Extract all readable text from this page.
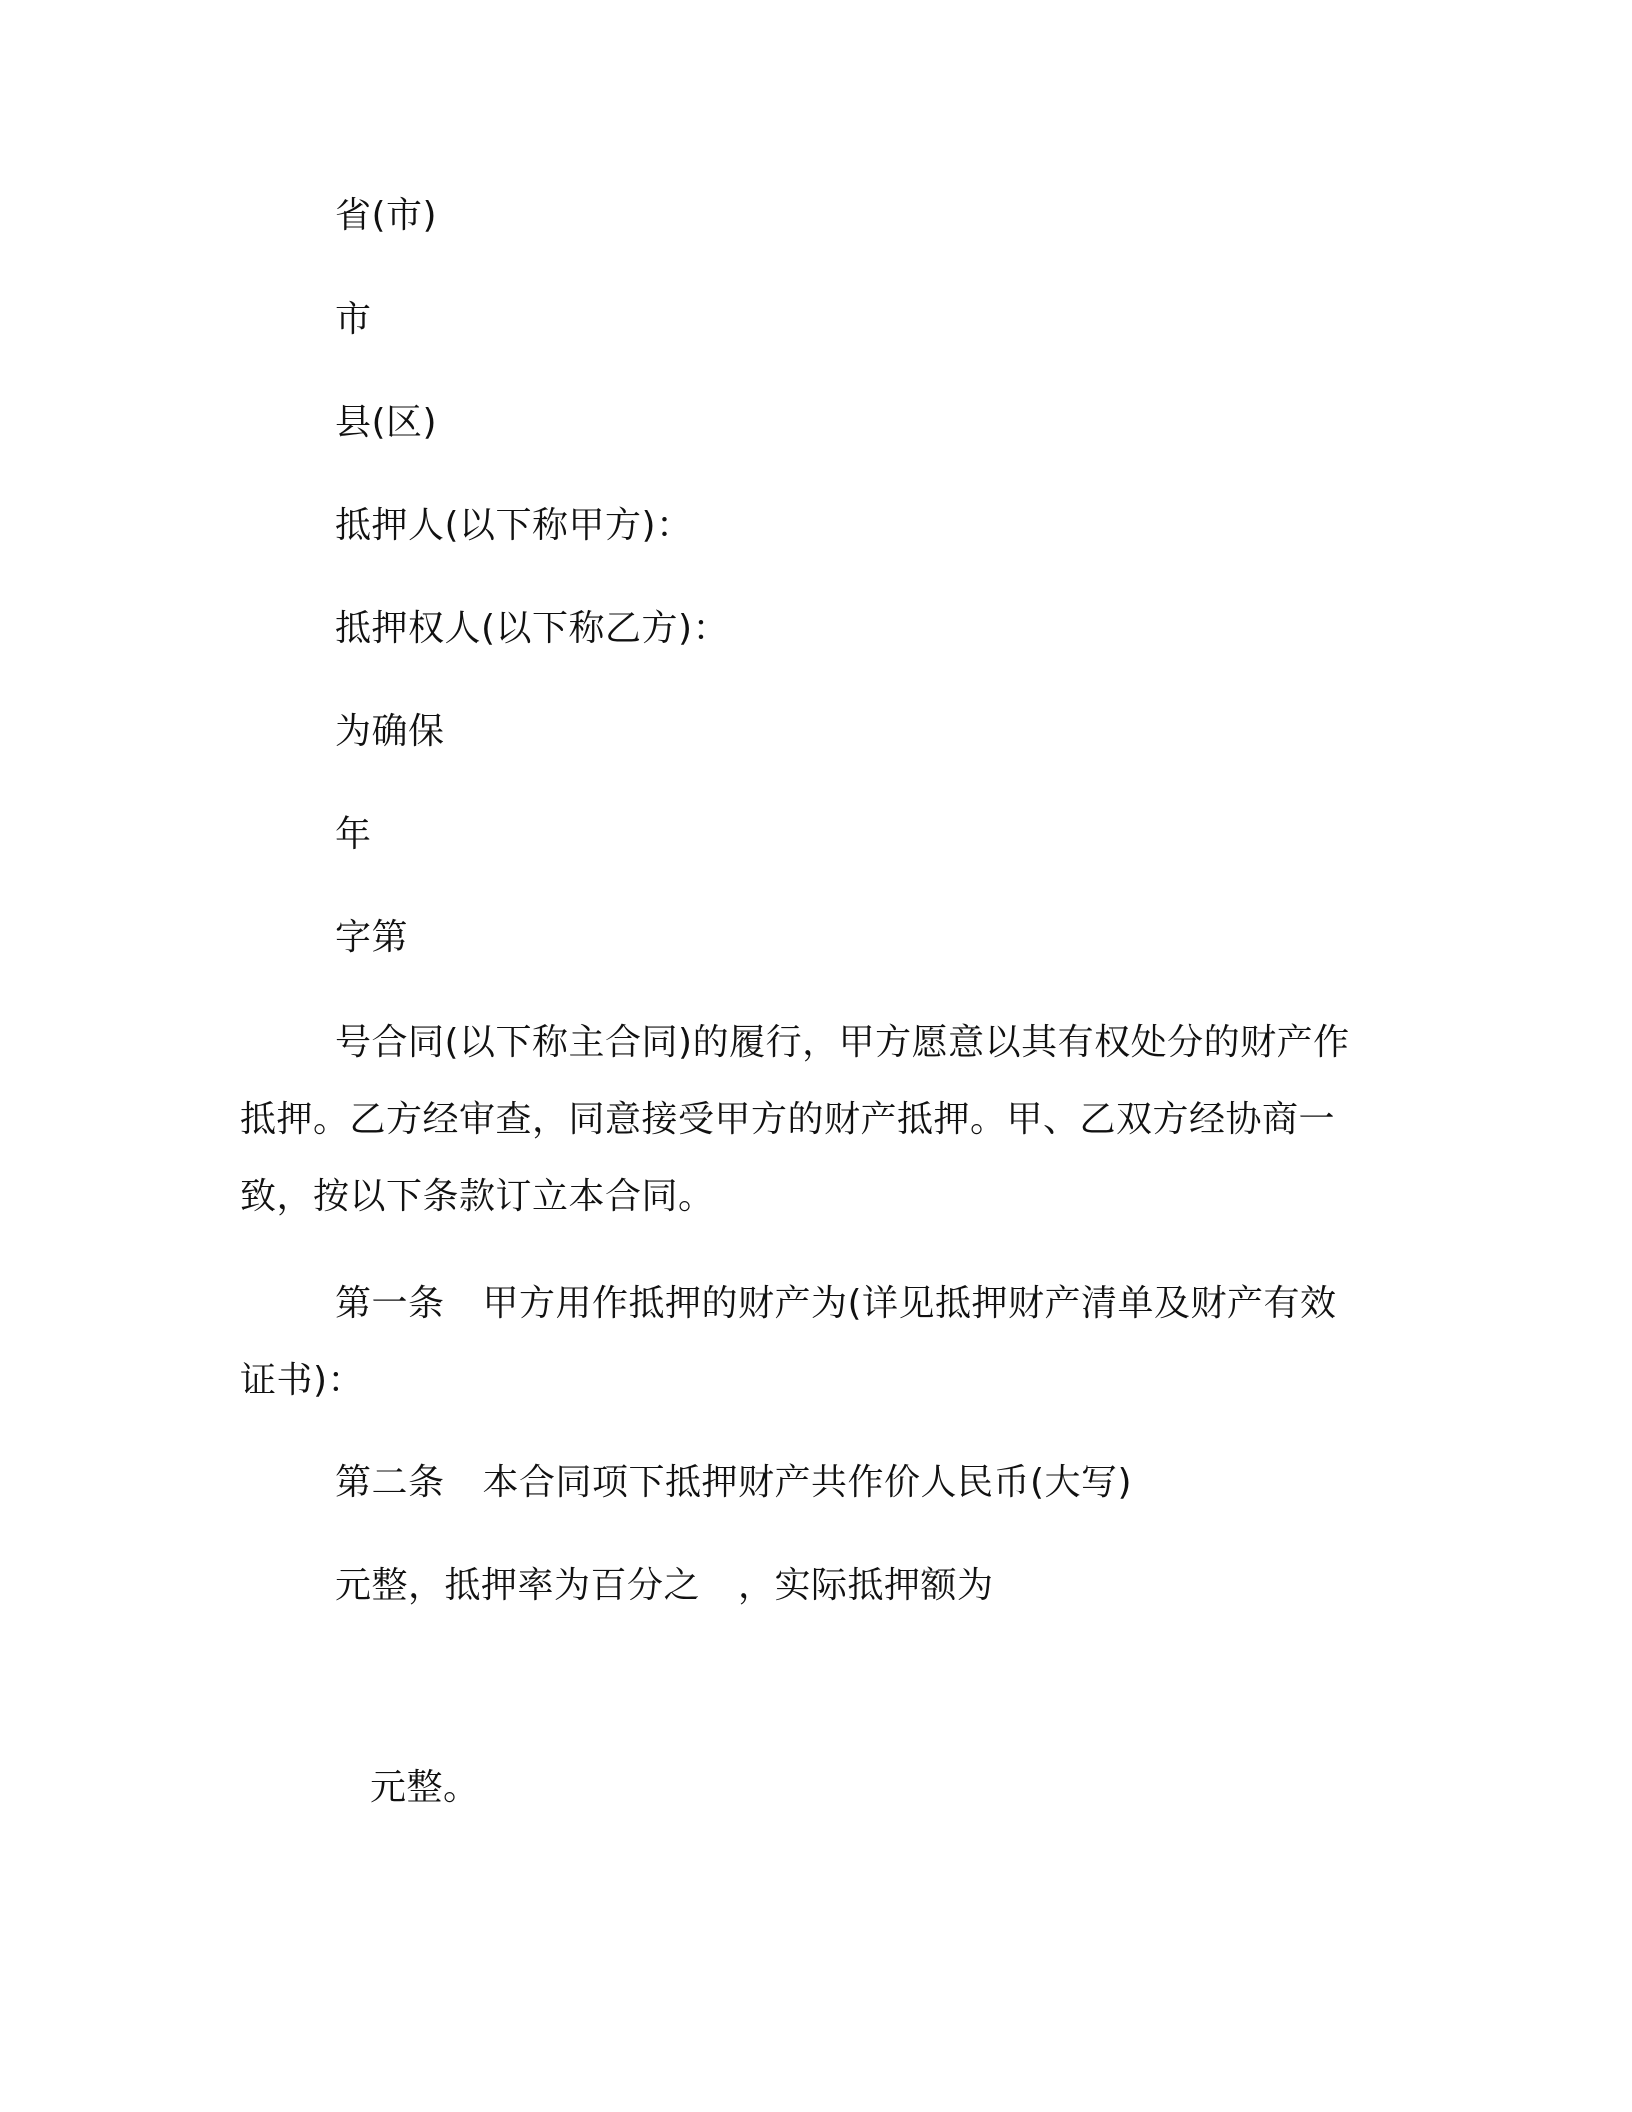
省(市)
市
县(区)
抵押人(以下称甲方)：
抵押权人(以下称乙方)：
为确保
年
字第

号合同(以下称主合同)的履行，甲方愿意以其有权处分的财产作抵押。乙方经审查，同意接受甲方的财产抵押。甲、乙双方经协商一致，按以下条款订立本合同。

第一条 甲方用作抵押的财产为(详见抵押财产清单及财产有效证书)：

第二条 本合同项下抵押财产共作价人民币(大写)
元整，抵押率为百分之 ，实际抵押额为
元整。
